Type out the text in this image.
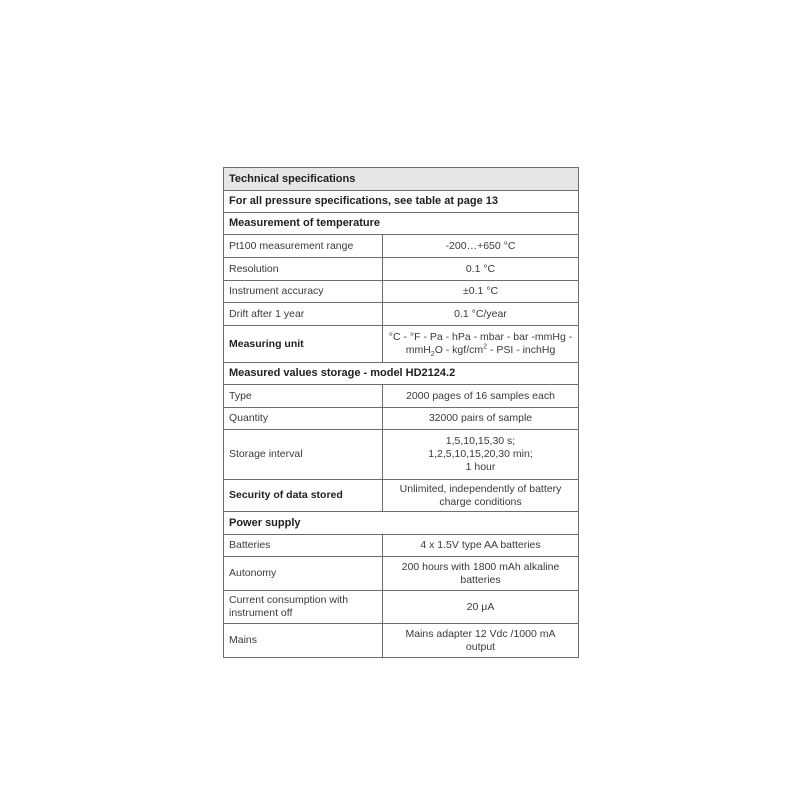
Technical specifications	
For all pressure specifications, see table at page 13	
Measurement of temperature	
Pt100 measurement range	-200…+650 °C
Resolution	0.1 °C
Instrument accuracy	±0.1 °C
Drift after 1 year	0.1 °C/year
Measuring unit	°C - °F - Pa - hPa - mbar - bar -mmHg -
mmH$_2$O - kgf/$cm^2$ - PSI - inchHg

Measured values storage - model HD2124.2	
Type	2000 pages of 16 samples each
Quantity	32000 pairs of sample
Storage interval	1,5,10,15,30 s;
1,2,5,10,15,20,30 min;
1 hour

Security of data stored	Unlimited, independently of battery
charge conditions

Power supply	
Batteries	4 x 1.5V type AA batteries
Autonomy	200 hours with 1800 mAh alkaline
batteries

Current consumption with
instrument off	20 μA
Mains	Mains adapter 12 Vdc /1000 mA
output
